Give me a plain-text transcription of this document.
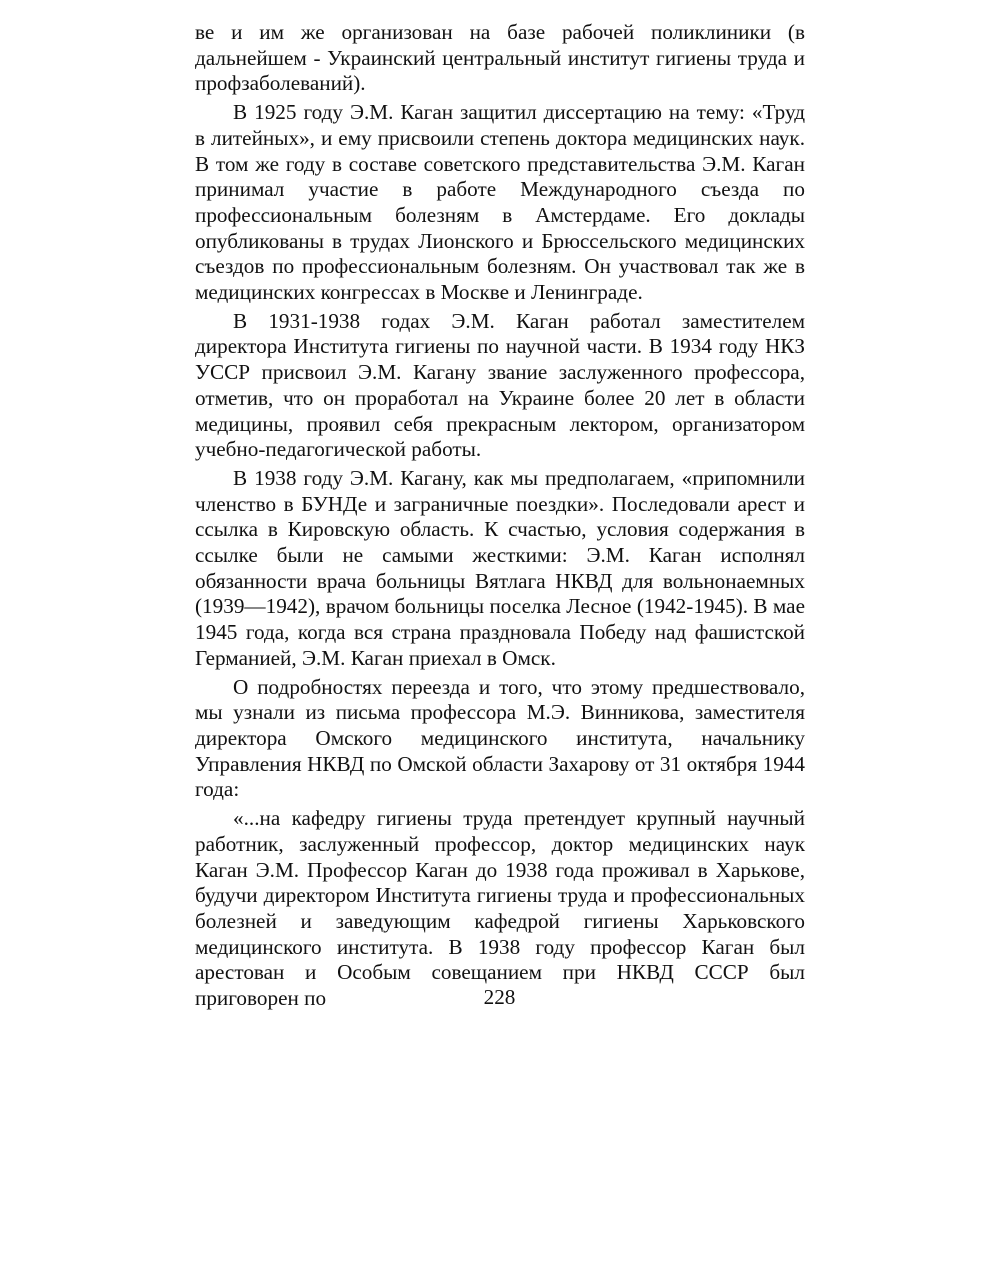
ве и им же организован на базе рабочей поликлиники (в дальнейшем - Украинский центральный институт гигиены труда и профзаболеваний).

В 1925 году Э.М. Каган защитил диссертацию на тему: «Труд в литейных», и ему присвоили степень доктора медицинских наук. В том же году в составе советского представительства Э.М. Каган принимал участие в работе Международного съезда по профессиональным болезням в Амстердаме. Его доклады опубликованы в трудах Лионского и Брюссельского медицинских съездов по профессиональным болезням. Он участвовал так же в медицинских конгрессах в Москве и Ленинграде.

В 1931-1938 годах Э.М. Каган работал заместителем директора Института гигиены по научной части. В 1934 году НКЗ УССР присвоил Э.М. Кагану звание заслуженного профессора, отметив, что он проработал на Украине более 20 лет в области медицины, проявил себя прекрасным лектором, организатором учебно-педагогической работы.

В 1938 году Э.М. Кагану, как мы предполагаем, «припомнили членство в БУНДе и заграничные поездки». Последовали арест и ссылка в Кировскую область. К счастью, условия содержания в ссылке были не самыми жесткими: Э.М. Каган исполнял обязанности врача больницы Вятлага НКВД для вольнонаемных (1939—1942), врачом больницы поселка Лесное (1942-1945). В мае 1945 года, когда вся страна праздновала Победу над фашистской Германией, Э.М. Каган приехал в Омск.

О подробностях переезда и того, что этому предшествовало, мы узнали из письма профессора М.Э. Винникова, заместителя директора Омского медицинского института, начальнику Управления НКВД по Омской области Захарову от 31 октября 1944 года:

«...на кафедру гигиены труда претендует крупный научный работник, заслуженный профессор, доктор медицинских наук Каган Э.М. Профессор Каган до 1938 года проживал в Харькове, будучи директором Института гигиены труда и профессиональных болезней и заведующим кафедрой гигиены Харьковского медицинского института. В 1938 году профессор Каган был арестован и Особым совещанием при НКВД СССР был приговорен по	228
